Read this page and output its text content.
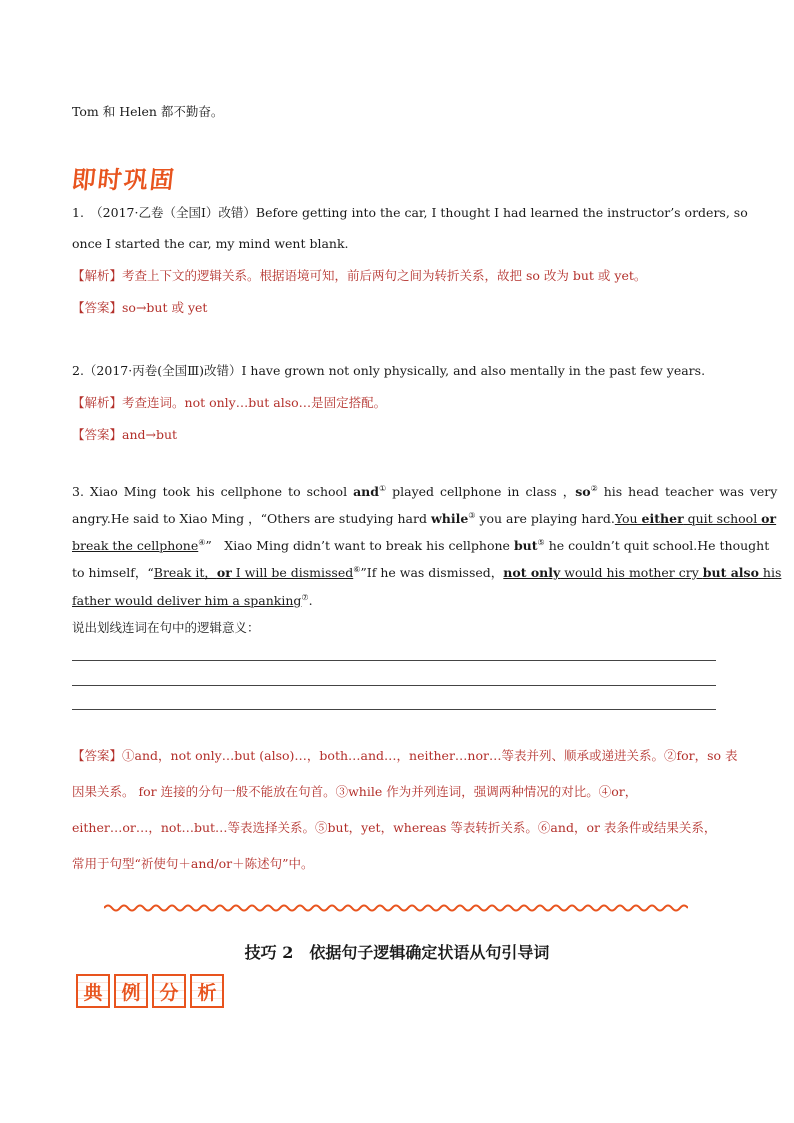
Tom 和 Helen 都不勤奋。
即时巩固
1.　（2017·乙卷（全国Ⅰ）改错）Before getting into the car, I thought I had learned the instructor’s orders, so
once I started the car, my mind went blank.
【解析】考查上下文的逻辑关系。根据语境可知，前后两句之间为转折关系，故把 so 改为 but 或 yet。
【答案】so→but 或 yet
2.（2017·丙卷(全国Ⅲ)改错）I have grown not only physically, and also mentally in the past few years.
【解析】考查连词。not only…but also…是固定搭配。
【答案】and→but
3. Xiao Ming took his cellphone to school and① played cellphone in class ，so② his head teacher was very
angry.He said to Xiao Ming ，“Others are studying hard while③ you are playing hard.You either quit school or
break the cellphone④”　Xiao Ming didn’t want to break his cellphone but⑤ he couldn’t quit school.He thought
to himself，“Break it，or I will be dismissed⑥”If he was dismissed，not only would his mother cry but also his
father would deliver him a spanking⑦.
说出划线连词在句中的逻辑意义：
【答案】①and，not only…but (also)…，both…and…，neither…nor…等表并列、顺承或递进关系。②for，so 表
因果关系。 for 连接的分句一般不能放在句首。③while 作为并列连词，强调两种情况的对比。④or，
either…or…，not…but…等表选择关系。⑤but，yet，whereas 等表转折关系。⑥and，or 表条件或结果关系，
常用于句型“祈使句＋and/or＋陈述句”中。
技巧 2　依据句子逻辑确定状语从句引导词
典 例 分 析
